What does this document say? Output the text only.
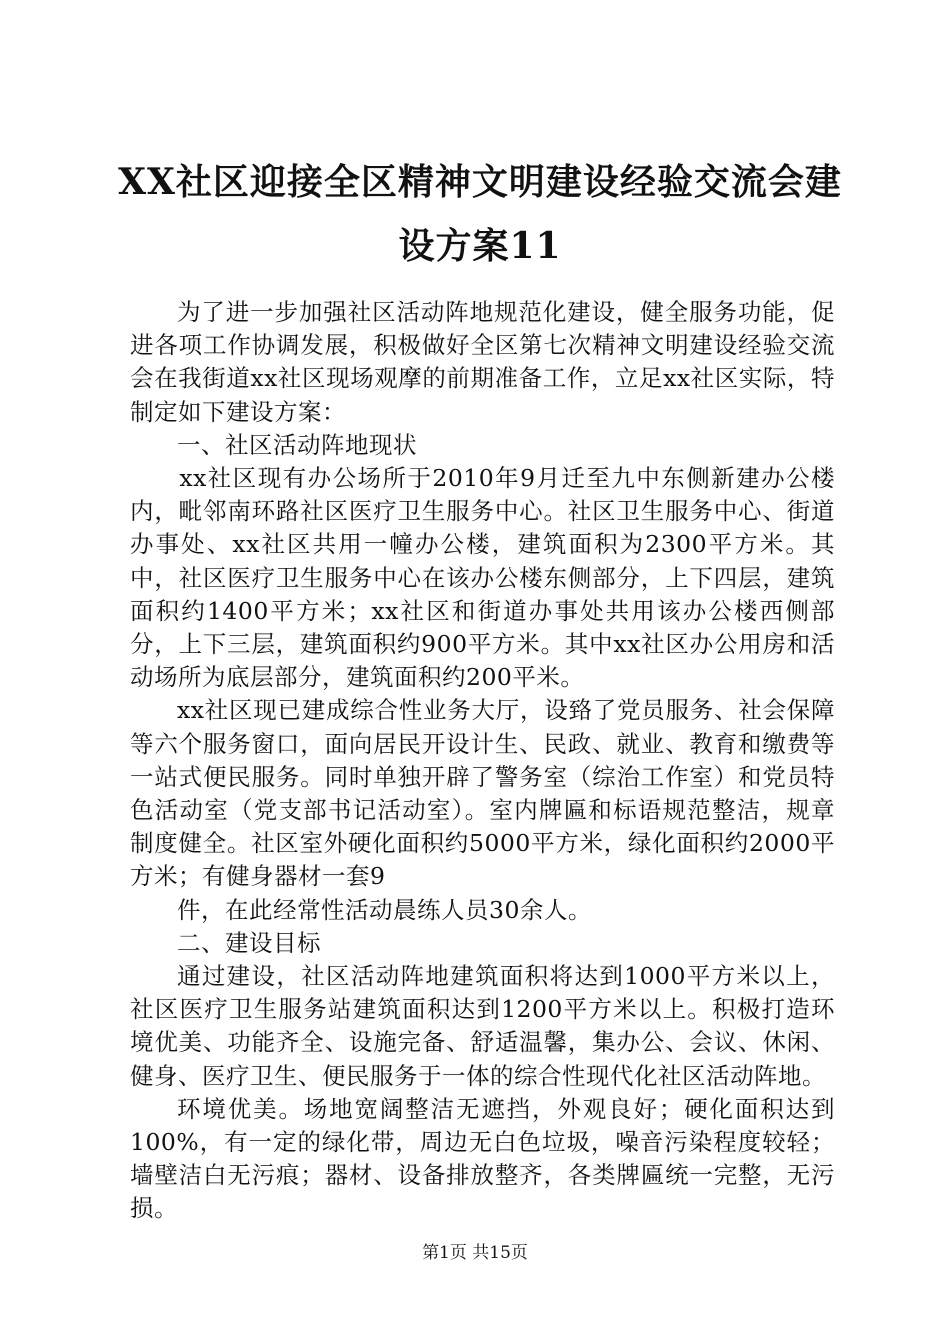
XX社区迎接全区精神文明建设经验交流会建
设方案11

为了进一步加强社区活动阵地规范化建设，健全服务功能，促进各项工作协调发展，积极做好全区第七次精神文明建设经验交流会在我街道xx社区现场观摩的前期准备工作，立足xx社区实际，特制定如下建设方案：

一、社区活动阵地现状

xx社区现有办公场所于2010年9月迁至九中东侧新建办公楼内，毗邻南环路社区医疗卫生服务中心。社区卫生服务中心、街道办事处、xx社区共用一幢办公楼，建筑面积为2300平方米。其中，社区医疗卫生服务中心在该办公楼东侧部分，上下四层，建筑面积约1400平方米；xx社区和街道办事处共用该办公楼西侧部分，上下三层，建筑面积约900平方米。其中xx社区办公用房和活动场所为底层部分，建筑面积约200平米。

xx社区现已建成综合性业务大厅，设臵了党员服务、社会保障等六个服务窗口，面向居民开设计生、民政、就业、教育和缴费等一站式便民服务。同时单独开辟了警务室（综治工作室）和党员特色活动室（党支部书记活动室）。室内牌匾和标语规范整洁，规章制度健全。社区室外硬化面积约5000平方米，绿化面积约2000平方米；有健身器材一套9

件，在此经常性活动晨练人员30余人。

二、建设目标

通过建设，社区活动阵地建筑面积将达到1000平方米以上，社区医疗卫生服务站建筑面积达到1200平方米以上。积极打造环境优美、功能齐全、设施完备、舒适温馨，集办公、会议、休闲、健身、医疗卫生、便民服务于一体的综合性现代化社区活动阵地。

环境优美。场地宽阔整洁无遮挡，外观良好；硬化面积达到100%，有一定的绿化带，周边无白色垃圾，噪音污染程度较轻；墙壁洁白无污痕；器材、设备排放整齐，各类牌匾统一完整，无污损。

第1页 共15页
